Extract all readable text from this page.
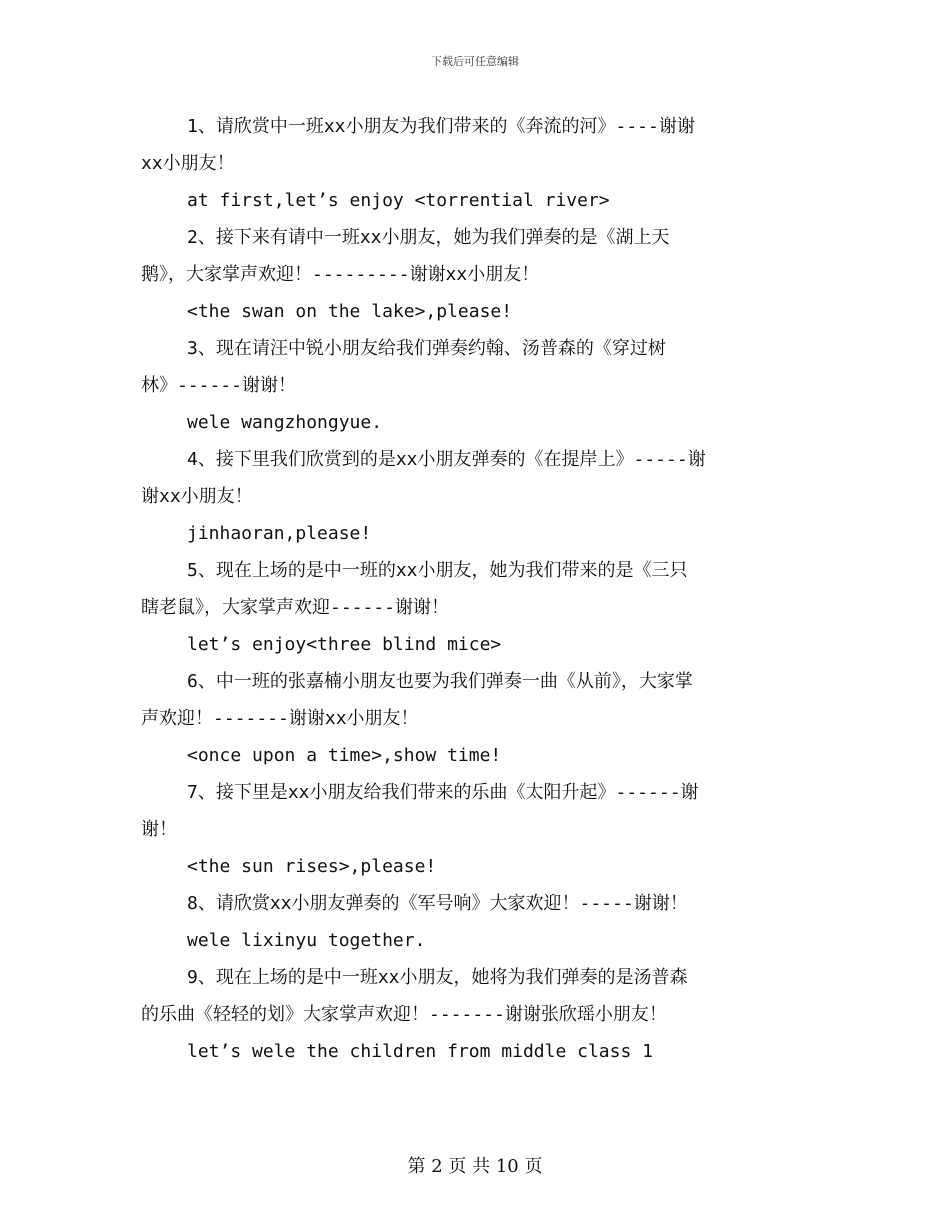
下载后可任意编辑
1、请欣赏中一班xx小朋友为我们带来的《奔流的河》----谢谢
xx小朋友！
at first,let’s enjoy <torrential river>
2、接下来有请中一班xx小朋友，她为我们弹奏的是《湖上天
鹅》，大家掌声欢迎！---------谢谢xx小朋友！
<the swan on the lake>,please!
3、现在请汪中锐小朋友给我们弹奏约翰、汤普森的《穿过树
林》------谢谢！
wele wangzhongyue.
4、接下里我们欣赏到的是xx小朋友弹奏的《在提岸上》-----谢
谢xx小朋友！
jinhaoran,please!
5、现在上场的是中一班的xx小朋友，她为我们带来的是《三只
瞎老鼠》，大家掌声欢迎------谢谢！
let’s enjoy<three blind mice>
6、中一班的张嘉楠小朋友也要为我们弹奏一曲《从前》，大家掌
声欢迎！-------谢谢xx小朋友！
<once upon a time>,show time!
7、接下里是xx小朋友给我们带来的乐曲《太阳升起》------谢
谢！
<the sun rises>,please!
8、请欣赏xx小朋友弹奏的《军号响》大家欢迎！-----谢谢！
wele lixinyu together.
9、现在上场的是中一班xx小朋友，她将为我们弹奏的是汤普森
的乐曲《轻轻的划》大家掌声欢迎！-------谢谢张欣瑶小朋友！
let’s wele the children from middle class 1
第 2 页 共 10 页
